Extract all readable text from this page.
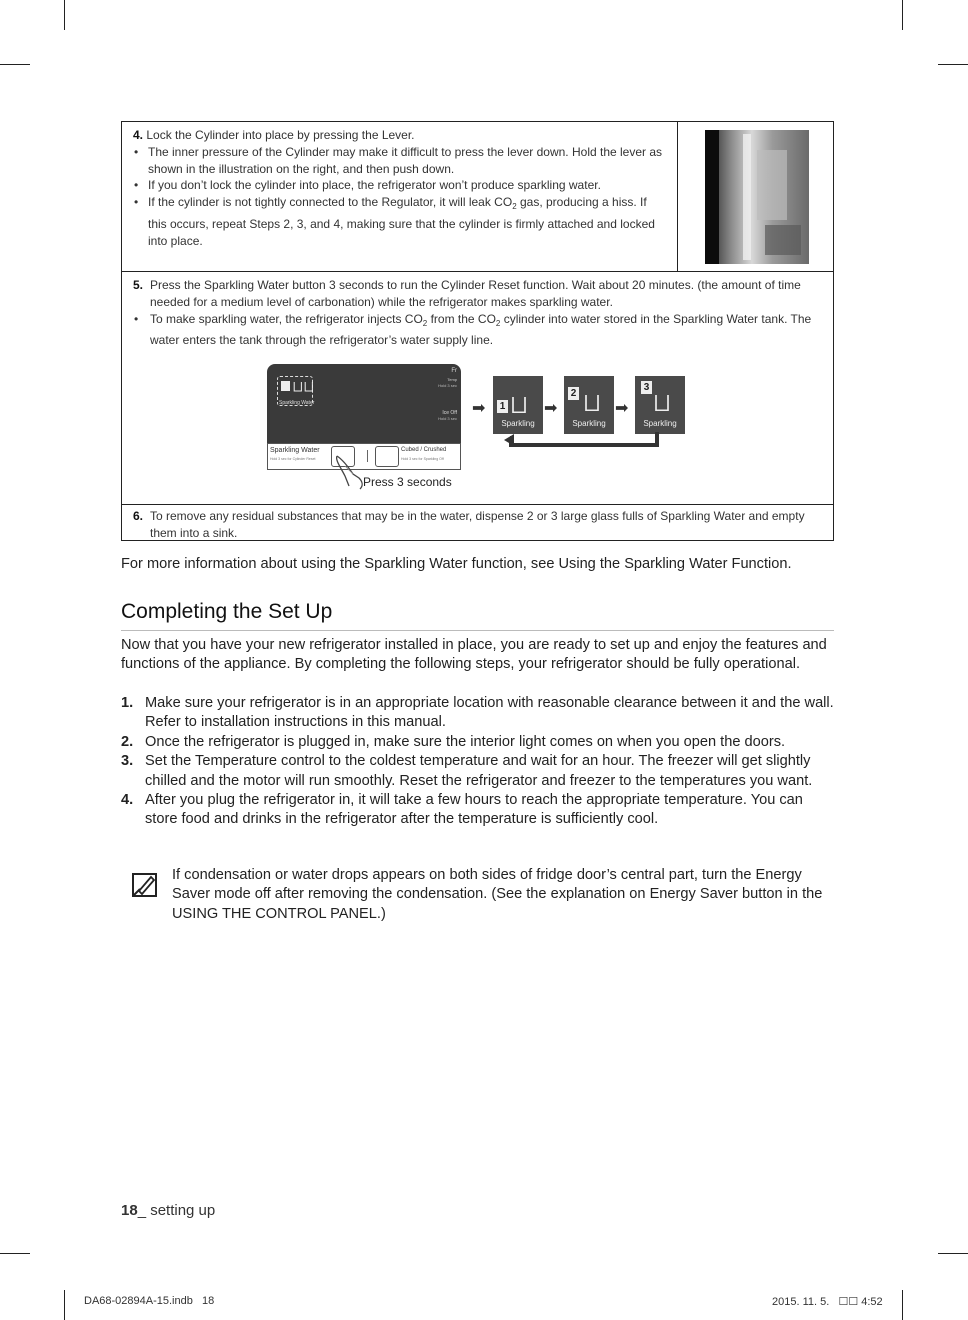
4. Lock the Cylinder into place by pressing the Lever.
• The inner pressure of the Cylinder may make it difficult to press the lever down. Hold the lever as shown in the illustration on the right, and then push down.
• If you don’t lock the cylinder into place, the refrigerator won’t produce sparkling water.
• If the cylinder is not tightly connected to the Regulator, it will leak $CO_2$ gas, producing a hiss. If this occurs, repeat Steps 2, 3, and 4, making sure that the cylinder is firmly attached and locked into place.
5. Press the Sparkling Water button 3 seconds to run the Cylinder Reset function. Wait about 20 minutes. (the amount of time needed for a medium level of carbonation) while the refrigerator makes sparkling water.
• To make sparkling water, the refrigerator injects $CO_2$ from the $CO_2$ cylinder into water stored in the Sparkling Water tank. The water enters the tank through the refrigerator’s water supply line.
⨆ ⨆
Sparkling Water
Fr
Temp
Hold 3 sec
Ice Off
Hold 3 sec
Sparkling Water
Hold 3 sec for Cylinder Reset
Cubed / Crushed
Hold 3 sec for Sparkling Off
Press 3 seconds
➡ 1 ⨆
Sparkling
➡
2 ⨆
Sparkling
➡
3
⨆
Sparkling
6. To remove any residual substances that may be in the water, dispense 2 or 3 large glass fulls of Sparkling Water and empty them into a sink.
For more information about using the Sparkling Water function, see Using the Sparkling Water Function.
Completing the Set Up
Now that you have your new refrigerator installed in place, you are ready to set up and enjoy the features and functions of the appliance. By completing the following steps, your refrigerator should be fully operational.
1. Make sure your refrigerator is in an appropriate location with reasonable clearance between it and the wall. Refer to installation instructions in this manual.
2. Once the refrigerator is plugged in, make sure the interior light comes on when you open the doors.
3. Set the Temperature control to the coldest temperature and wait for an hour. The freezer will get slightly chilled and the motor will run smoothly. Reset the refrigerator and freezer to the temperatures you want.
4. After you plug the refrigerator in, it will take a few hours to reach the appropriate temperature. You can store food and drinks in the refrigerator after the temperature is sufficiently cool.
If condensation or water drops appears on both sides of fridge door’s central part, turn the Energy Saver mode off after removing the condensation. (See the explanation on Energy Saver button in the USING THE CONTROL PANEL.)
18_ setting up
DA68-02894A-15.indb   18	2015. 11. 5.   ☐☐ 4:52
